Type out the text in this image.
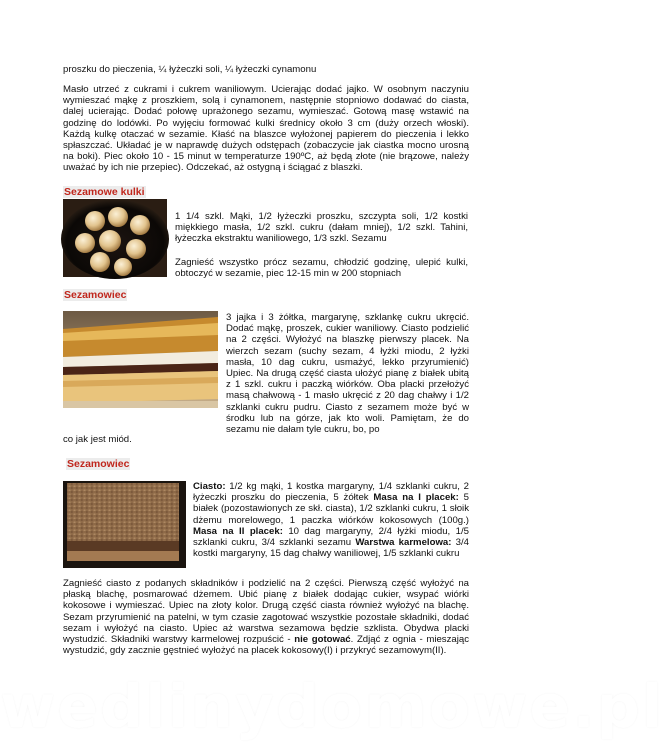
proszku do pieczenia, ¼ łyżeczki soli, ¼ łyżeczki cynamonu

Masło utrzeć z cukrami i cukrem waniliowym. Ucierając dodać jajko. W osobnym naczyniu wymieszać mąkę z proszkiem, solą i cynamonem, następnie stopniowo dodawać do ciasta, dalej ucierając. Dodać połowę uprażonego sezamu, wymieszać. Gotową masę wstawić na godzinę do lodówki. Po wyjęciu formować kulki średnicy około 3 cm (duży orzech włoski). Każdą kulkę otaczać w sezamie. Kłaść na blaszce wyłożonej papierem do pieczenia i lekko spłaszczać. Układać je w naprawdę dużych odstępach (zobaczycie jak ciastka mocno urosną na boki). Piec około 10 - 15 minut w temperaturze 190ºC, aż będą złote (nie brązowe, należy uważać by ich nie przepiec). Odczekać, aż ostygną i ściągać z blaszki.

Sezamowe kulki

1 1/4 szkl. Mąki, 1/2 łyżeczki proszku, szczypta soli, 1/2 kostki miękkiego masła, 1/2 szkl. cukru (dałam mniej), 1/2 szkl. Tahini, łyżeczka ekstraktu waniliowego, 1/3 szkl. Sezamu

Zagnieść wszystko prócz sezamu, chłodzić godzinę, ulepić kulki, obtoczyć w sezamie, piec 12-15 min w 200 stopniach

Sezamowiec

3 jajka i 3 żółtka, margarynę, szklankę cukru ukręcić. Dodać mąkę, proszek, cukier waniliowy. Ciasto podzielić na 2 części. Wyłożyć na blaszkę pierwszy placek. Na wierzch sezam (suchy sezam, 4 łyżki miodu, 2 łyżki masła, 10 dag cukru, usmażyć, lekko przyrumienić) Upiec. Na drugą część ciasta ułożyć pianę z białek ubitą z 1 szkl. cukru i paczką wiórków. Oba placki przełożyć masą chałwową - 1 masło ukręcić z 20 dag chałwy i 1/2 szklanki cukru pudru. Ciasto z sezamem może być w środku lub na górze, jak kto woli. Pamiętam, że do sezamu nie dałam tyle cukru, bo, po

co jak jest miód.

Sezamowiec

Ciasto: 1/2 kg mąki, 1 kostka margaryny, 1/4 szklanki cukru, 2 łyżeczki proszku do pieczenia, 5 żółtek Masa na I placek: 5 białek (pozostawionych ze skł. ciasta), 1/2 szklanki cukru, 1 słoik dżemu morelowego, 1 paczka wiórków kokosowych (100g.) Masa na II placek: 10 dag margaryny, 2/4 łyżki miodu, 1/5 szklanki cukru, 3/4 szklanki sezamu Warstwa karmelowa: 3/4 kostki margaryny, 15 dag chałwy waniliowej, 1/5 szklanki cukru

Zagnieść ciasto z podanych składników i podzielić na 2 części. Pierwszą część wyłożyć na płaską blachę, posmarować dżemem. Ubić pianę z białek dodając cukier, wsypać wiórki kokosowe i wymieszać. Upiec na złoty kolor. Drugą część ciasta również wyłożyć na blachę. Sezam przyrumienić na patelni, w tym czasie zagotować wszystkie pozostałe składniki, dodać sezam i wyłożyć na ciasto. Upiec aż warstwa sezamowa będzie szklista. Obydwa placki wystudzić. Składniki warstwy karmelowej rozpuścić - nie gotować. Zdjąć z ognia - mieszając wystudzić, gdy zacznie gęstnieć wyłożyć na placek kokosowy(I) i przykryć sezamowym(II).

wedlinydomowe.pl
